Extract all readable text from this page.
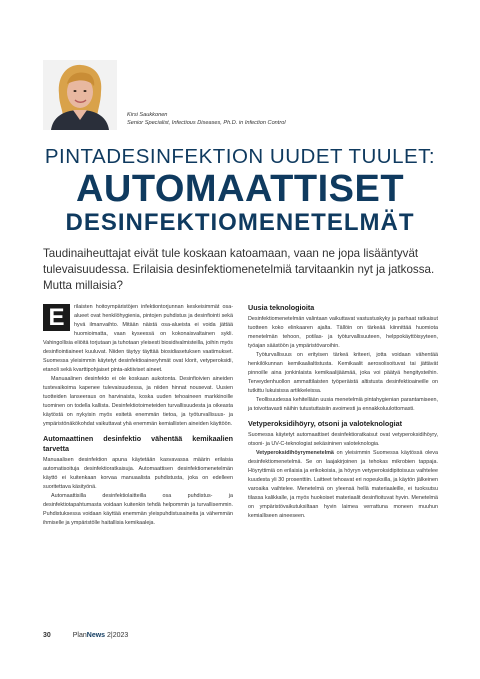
Kirsi Saukkonen
Senior Specialist, Infectious Diseases, Ph.D. in Infection Control
PINTADESINFEKTION UUDET TUULET:
AUTOMAATTISET
DESINFEKTIOMENETELMÄT
Taudinaiheuttajat eivät tule koskaan katoamaan, vaan ne jopa lisääntyvät tulevaisuudessa. Erilaisia desinfektiomenetelmiä tarvitaankin nyt ja jatkossa. Mutta millaisia?

E	rilaisten hoitoympäristöjen infektiontorjunnan keskeisimmät osa-alueet ovat henkilöhygienia, pintojen puhdistus ja desinfiointi sekä hyvä ilmanvaihto. Mitään näistä osa-alueista ei voida jättää huomioimatta, vaan kyseessä on kokonaisvaltainen sykli. Vahingollisia eliöitä torjutaan ja tuhotaan yleisesti biosidivalmisteilla, joihin myös desinfiointiaineet kuuluvat. Niiden täytyy täyttää biosidiasetuksen vaatimukset. Suomessa yleisimmin käytetyt desinfektioaineryhmät ovat klorit, vetyperoksidi, etanoli sekä kvarttipohjaiset pinta-aktiiviset aineet.

Manuaalinen desinfekto ei ole koskaan aukotonta. Desinfioivien aineiden tustevaikoima kapenee tulevaisuudessa, ja niiden hinnat nousevat. Uusien tuotteiden lanseeraus on harvinaista, koska uuden tehoaineen markkinoille tuominen on todella kallista. Desinfektiotoimeteiden turvallisuudesta ja oikeasta käytöstä on nykyisin myös esitetä enemmän tietoa, ja työturvallisuus- ja ympäristönäkökohdat vaikuttavat yhä enemmän kemiallisten aineiden käyttöön.

Automaattinen desinfektio vähentää kemikaalien tarvetta

Manuaalisen desinfektion apuna käytetään kasvavassa määrin erilaisia automatisoituja desinfektioratkaisuja. Automaattisen desinfektiomenetelmän käyttö ei kuitenkaan korvaa manuaalista puhdistusta, joka on edelleen suoritettava käsityönä.

Automaattisilla desinfektiolaitteilla osa puhdistus- ja desinfektiotapahtumasta voidaan kuitenkin tehdä helpommin ja turvallisemmin. Puhdistuksessa voidaan käyttää enemmän yleispuhdistusaineita ja vähemmän ihmiselle ja ympäristölle haitallisia kemikaaleja.

Uusia teknologioita

Desinfektiomenetelmän valintaan vaikuttavat vastustuskyky ja parhaat ratkaisut tuotteen koko elinkaaren ajalta. Tällöin on tärkeää kiinnittää huomiota menetelmän tehoon, potilas- ja työturvallisuuteen, helppokäyttöisyyteen, työajan säästöön ja ympäristövaroihin.

Työturvallisuus on erityisen tärkeä kriteeri, jotta voidaan vähentää henkilökunnan kemikaalialtistusta. Kemikaalit aerosolisoituvat tai jättävät pinnoille aina jonkinlaista kemikaalijäämää, joka voi päätyä hengitysteihin. Terveydenhuollon ammattilaisten työperäistä altistusta desinfektioaineille on tutkittu lukuisissa artikkeleissa.

Teollisuudessa kehitellään uusia menetelmiä pintahygienian parantamiseen, ja toivottavasti näihin tutustuttaisiin avoimesti ja ennakkoluulottomasti.

Vetyperoksidihöyry, otsoni ja valoteknologiat

Suomessa käytetyt automaattiset desinfektioratkaisut ovat vetyperoksidihöyry, otsoni- ja UV-C-teknologiat sekäsininen valoteknologia.

Vetyperoksidihöyrymenetelmä on yleisimmin Suomessa käytössä oleva desinfektiomenetelmä. Se on laajakirjoinen ja tehokas mikrobien tappaja. Höyryttimiä on erilaisia ja erikokoisia, ja höyryn vetyperoksidipitoisuus vaihtelee kuudesta yli 30 prosenttiin. Laitteet tehoavat eri nopeuksilla, ja käytön jälkeinen varoaika vaihtelee. Menetelmä on yleensä hellä materiaaleille, ei tuoksutsu tilassa kalikkalle, ja myös huokoiset materiaalit desinfioituvat hyvin. Menetelmä on ympäristövaikutuksiltaan hyvin laimea verrattuna moneen muuhun kemialliseen aineeseen.

30	PlanNews 2|2023
